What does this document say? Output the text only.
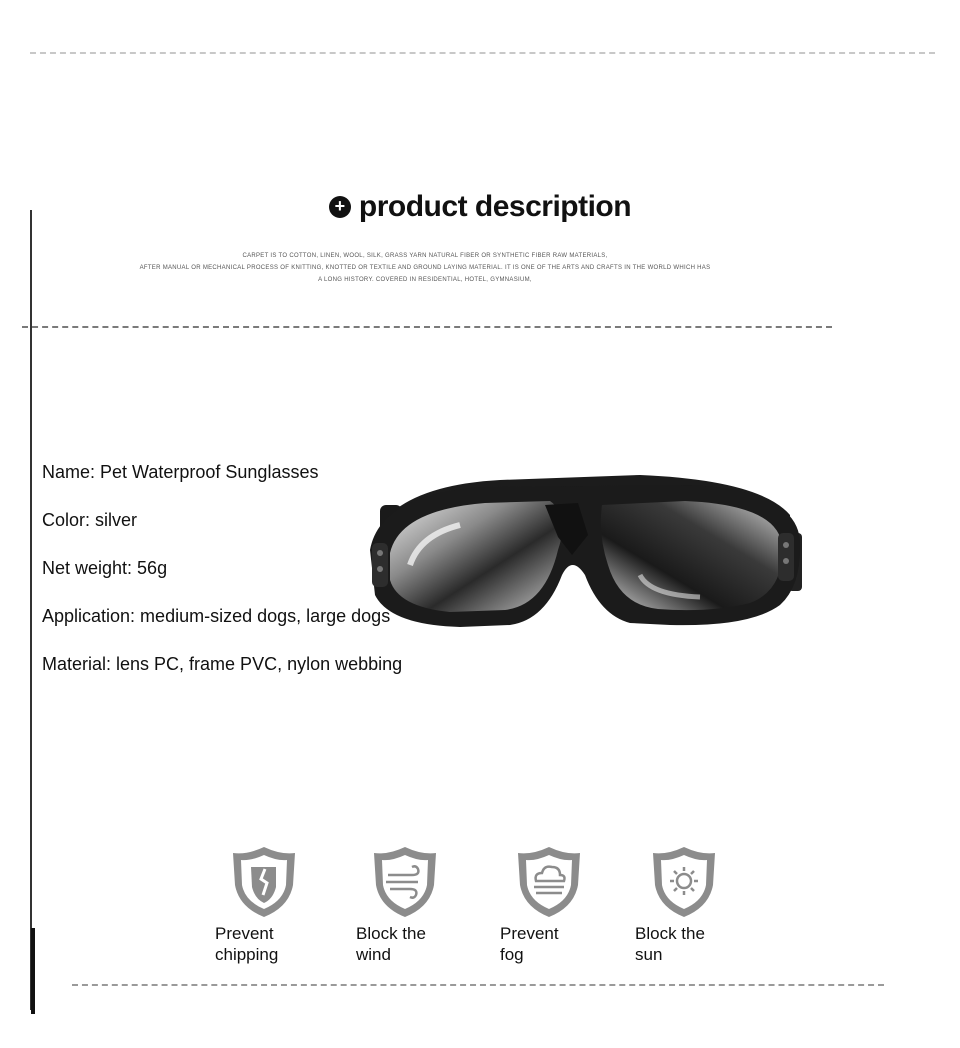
+ product description
CARPET IS TO COTTON, LINEN, WOOL, SILK, GRASS YARN NATURAL FIBER OR SYNTHETIC FIBER RAW MATERIALS,
AFTER MANUAL OR MECHANICAL PROCESS OF KNITTING, KNOTTED OR TEXTILE AND GROUND LAYING MATERIAL. IT IS ONE OF THE ARTS AND CRAFTS IN THE WORLD WHICH HAS
A LONG HISTORY. COVERED IN RESIDENTIAL, HOTEL, GYMNASIUM,
Name: Pet Waterproof Sunglasses
Color: silver
Net weight: 56g
Application: medium-sized dogs, large dogs
Material: lens PC, frame PVC, nylon webbing
Prevent
chipping
Block the
wind
Prevent
fog
Block the
sun
